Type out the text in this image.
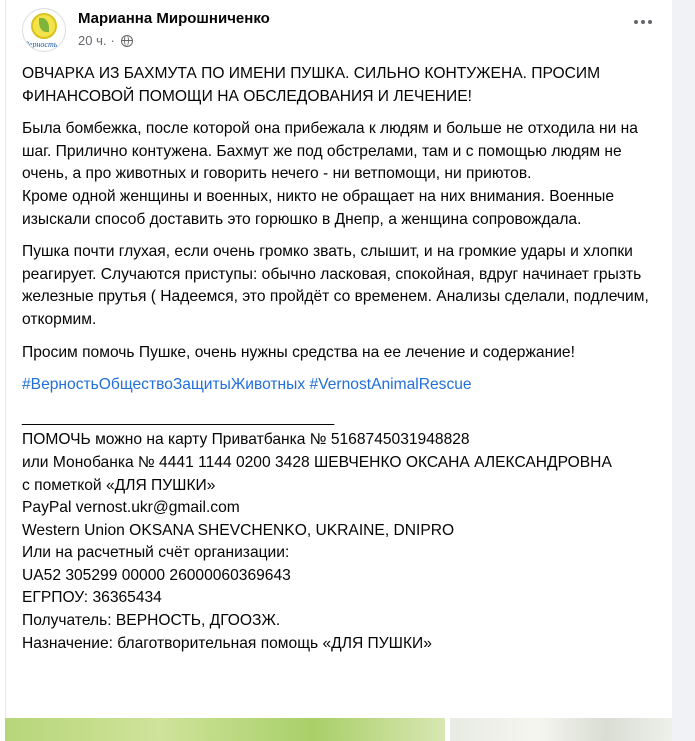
Верность
Марианна Мирошниченко
20 ч. ·

ОВЧАРКА ИЗ БАХМУТА ПО ИМЕНИ ПУШКА. СИЛЬНО КОНТУЖЕНА. ПРОСИМ ФИНАНСОВОЙ ПОМОЩИ НА ОБСЛЕДОВАНИЯ И ЛЕЧЕНИЕ!

Была бомбежка, после которой она прибежала к людям и больше не отходила ни на шаг. Прилично контужена. Бахмут же под обстрелами, там и с помощью людям не очень, а про животных и говорить нечего - ни ветпомощи, ни приютов.
Кроме одной женщины и военных, никто не обращает на них внимания. Военные изыскали способ доставить это горюшко в Днепр, а женщина сопровождала.

Пушка почти глухая, если очень громко звать, слышит, и на громкие удары и хлопки реагирует. Случаются приступы: обычно ласковая, спокойная, вдруг начинает грызть железные прутья ( Надеемся, это пройдёт со временем. Анализы сделали, подлечим, откормим.

Просим помочь Пушке, очень нужны средства на ее лечение и содержание!

#ВерностьОбществоЗащитыЖивотных #VernostAnimalRescue

____________________________________
ПОМОЧЬ можно на карту Приватбанка № 5168745031948828
или Монобанка № 4441 1144 0200 3428 ШЕВЧЕНКО ОКСАНА АЛЕКСАНДРОВНА
с пометкой «ДЛЯ ПУШКИ»
PayPal vernost.ukr@gmail.com
Western Union OKSANA SHEVCHENKO, UKRAINE, DNIPRO
Или на расчетный счёт организации:
UA52 305299 00000 26000060369643
ЕГРПОУ: 36365434
Получатель: ВЕРНОСТЬ, ДГООЗЖ.
Назначение: благотворительная помощь «ДЛЯ ПУШКИ»
